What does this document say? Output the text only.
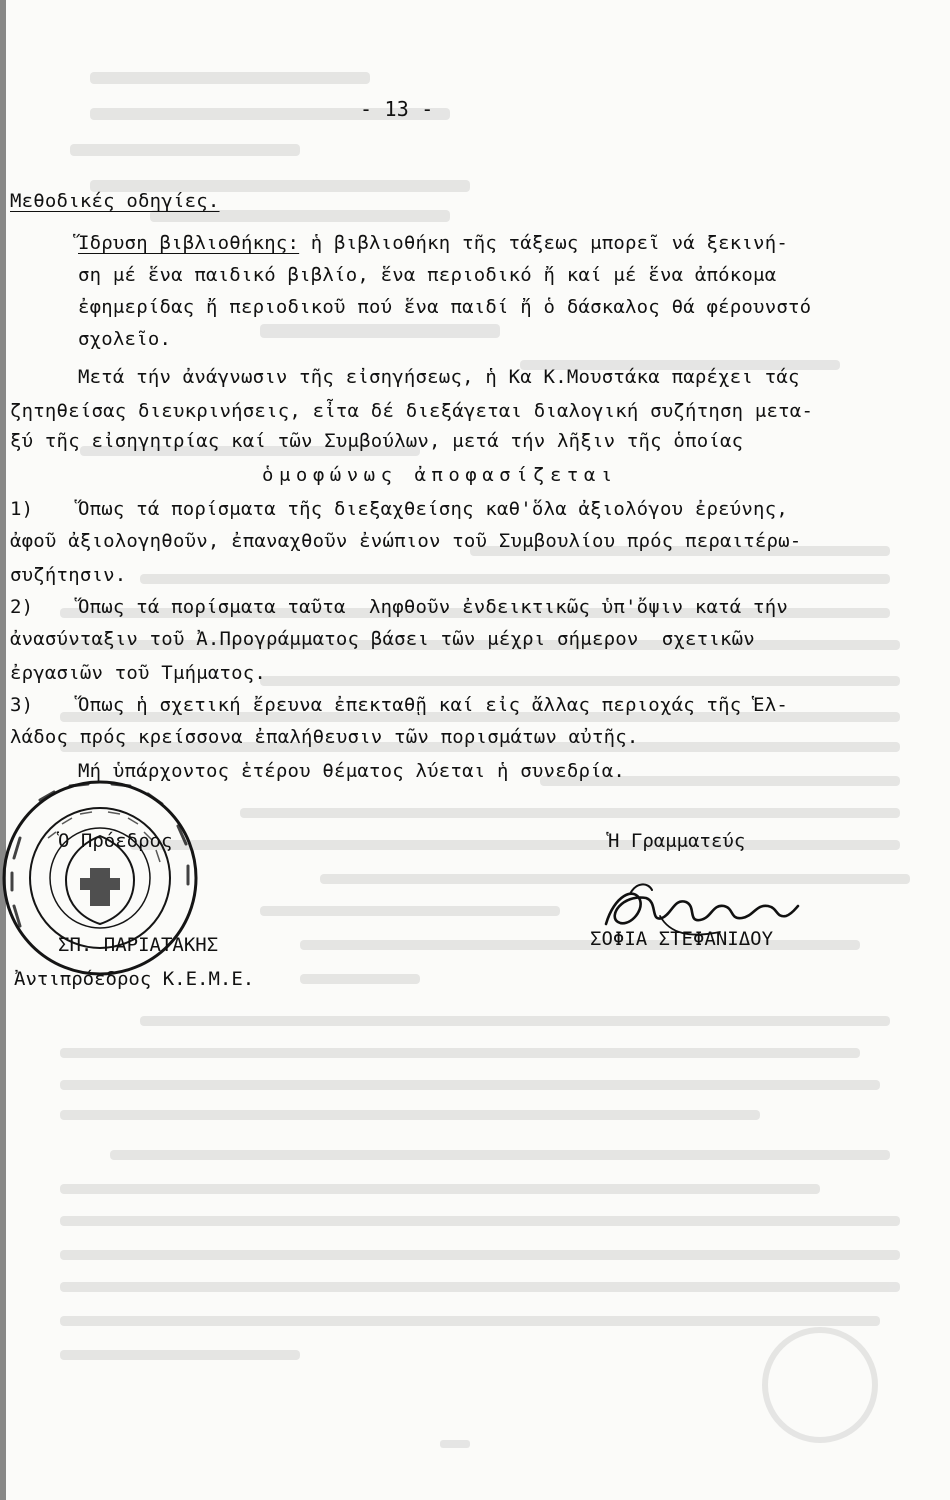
- 13 -
Μεθοδικές οδηγίες.
Ἵδρυση βιβλιοθήκης: ἡ βιβλιοθήκη τῆς τάξεως μπορεῖ νά ξεκινή-
ση μέ ἕνα παιδικό βιβλίο, ἕνα περιοδικό ἤ καί μέ ἕνα ἀπόκομα
ἐφημερίδας ἤ περιοδικοῦ πού ἕνα παιδί ἤ ὁ δάσκαλος θά φέρουνστό
σχολεῖο.
Μετά τήν ἀνάγνωσιν τῆς εἰσηγήσεως, ἡ Κα Κ.Μουστάκα παρέχει τάς
ζητηθείσας διευκρινήσεις, εἶτα δέ διεξάγεται διαλογική συζήτηση μετα-
ξύ τῆς εἰσηγητρίας καί τῶν Συμβούλων, μετά τήν λῆξιν τῆς ὁποίας
ὁμοφώνως ἀποφασίζεται
1) Ὅπως τά πορίσματα τῆς διεξαχθείσης καθ'ὅλα ἀξιολόγου ἐρεύνης,
ἀφοῦ ἀξιολογηθοῦν, ἐπαναχθοῦν ἐνώπιον τοῦ Συμβουλίου πρός περαιτέρω-
συζήτησιν.
2) Ὅπως τά πορίσματα ταῦτα  ληφθοῦν ἐνδεικτικῶς ὑπ'ὄψιν κατά τήν
ἀνασύνταξιν τοῦ Ἀ.Προγράμματος βάσει τῶν μέχρι σήμερον  σχετικῶν
ἐργασιῶν τοῦ Τμήματος.
3) Ὅπως ἡ σχετική ἔρευνα ἐπεκταθῇ καί εἰς ἄλλας περιοχάς τῆς Ἑλ-
λάδος πρός κρείσσονα ἐπαλήθευσιν τῶν πορισμάτων αὐτῆς.
Μή ὑπάρχοντος ἑτέρου θέματος λύεται ἡ συνεδρία.
Ὁ Πρόεδρος	Ἡ Γραμματεύς
ΣΠ. ΠΑΡΙΑΤΑΚΗΣ	ΣΟΦΙΑ ΣΤΕΦΑΝΙΔΟΥ
Ἀντιπρόεδρος Κ.Ε.Μ.Ε.
